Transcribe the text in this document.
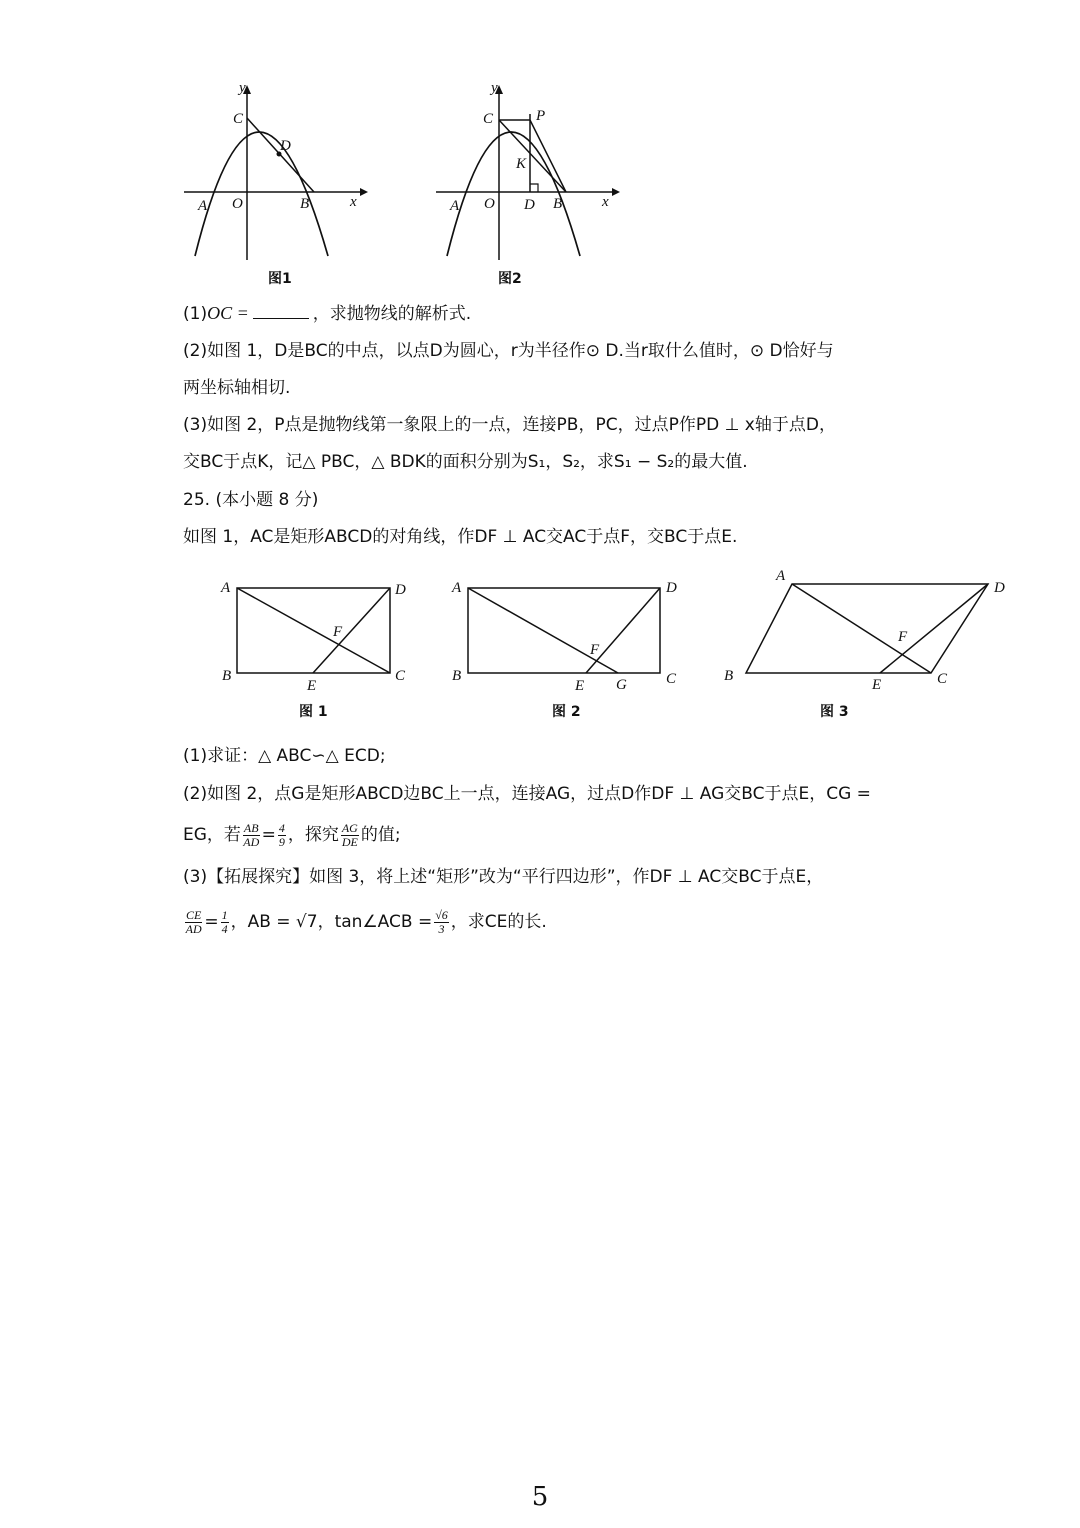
y
x
C
D
A O	B
图1
y
x
C	P
K
A O D B
图2
(1)OC =	，求抛物线的解析式.
(2)如图 1，D是BC的中点，以点D为圆心，r为半径作⊙ D.当r取什么值时，⊙ D恰好与
两坐标轴相切.
(3)如图 2，P点是抛物线第一象限上的一点，连接PB，PC，过点P作PD ⊥ x轴于点D，
交BC于点K，记△ PBC，△ BDK的面积分别为S₁，S₂，求S₁ − S₂的最大值.
25. (本小题 8 分)
如图 1，AC是矩形ABCD的对角线，作DF ⊥ AC交AC于点F，交BC于点E.
A	D
B	C
E
F
图 1
A	D
B	C
E G
F
图 2
A
D
B	C
E
F
图 3
(1)求证：△ ABC∽△ ECD;
(2)如图 2，点G是矩形ABCD边BC上一点，连接AG，过点D作DF ⊥ AG交BC于点E，CG =
EG，若 $\frac{AB}{AD} = \frac{4}{9}$ ，探究 $\frac{AG}{DE}$ 的值;
(3)【拓展探究】如图 3，将上述“矩形”改为“平行四边形”，作DF ⊥ AC交BC于点E，
$\frac{CE}{AD} = \frac{1}{4}$ ，AB = √7，tan∠ACB = $\frac{√6}{3}$ ，求CE的长.
5
